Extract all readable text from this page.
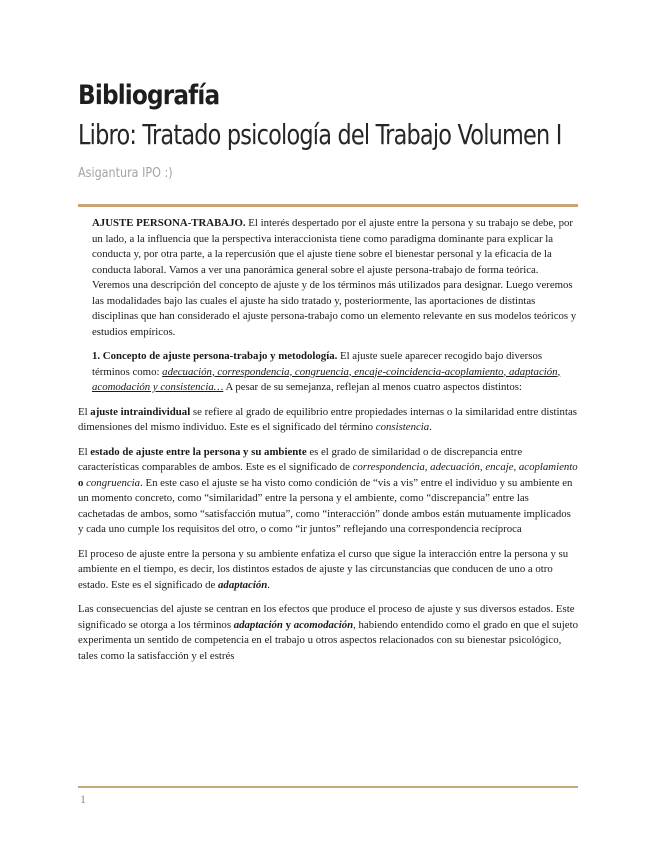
Bibliografía
Libro: Tratado psicología del Trabajo Volumen I

Asigantura IPO :)

AJUSTE PERSONA-TRABAJO. El interés despertado por el ajuste entre la persona y su trabajo se debe, por un lado, a la influencia que la perspectiva interaccionista tiene como paradigma dominante para explicar la conducta y, por otra parte, a la repercusión que el ajuste tiene sobre el bienestar personal y la eficacia de la conducta laboral. Vamos a ver una panorámica general sobre el ajuste persona-trabajo de forma teórica. Veremos una descripción del concepto de ajuste y de los términos más utilizados para designar. Luego veremos las modalidades bajo las cuales el ajuste ha sido tratado y, posteriormente, las aportaciones de distintas disciplinas que han considerado el ajuste persona-trabajo como un elemento relevante en sus modelos teóricos y estudios empíricos.

1. Concepto de ajuste persona-trabajo y metodología. El ajuste suele aparecer recogido bajo diversos términos como: adecuación, correspondencia, congruencia, encaje-coincidencia-acoplamiento, adaptación, acomodación y consistencia… A pesar de su semejanza, reflejan al menos cuatro aspectos distintos:

El ajuste intraindividual se refiere al grado de equilibrio entre propiedades internas o la similaridad entre distintas dimensiones del mismo individuo. Este es el significado del término consistencia.

El estado de ajuste entre la persona y su ambiente es el grado de similaridad o de discrepancia entre características comparables de ambos. Este es el significado de correspondencia, adecuación, encaje, acoplamiento o congruencia. En este caso el ajuste se ha visto como condición de “vis a vis” entre el individuo y su ambiente en un momento concreto, como “similaridad” entre la persona y el ambiente, como “discrepancia” entre las cachetadas de ambos, somo “satisfacción mutua”, como “interacción” donde ambos están mutuamente implicados y cada uno cumple los requisitos del otro, o como “ir juntos” reflejando una correspondencia recíproca

El proceso de ajuste entre la persona y su ambiente enfatiza el curso que sigue la interacción entre la persona y su ambiente en el tiempo, es decir, los distintos estados de ajuste y las circunstancias que conducen de uno a otro estado. Este es el significado de adaptación.

Las consecuencias del ajuste se centran en los efectos que produce el proceso de ajuste y sus diversos estados. Este significado se otorga a los términos adaptación y acomodación, habiendo entendido como el grado en que el sujeto experimenta un sentido de competencia en el trabajo u otros aspectos relacionados con su bienestar psicológico, tales como la satisfacción y el estrés

1
